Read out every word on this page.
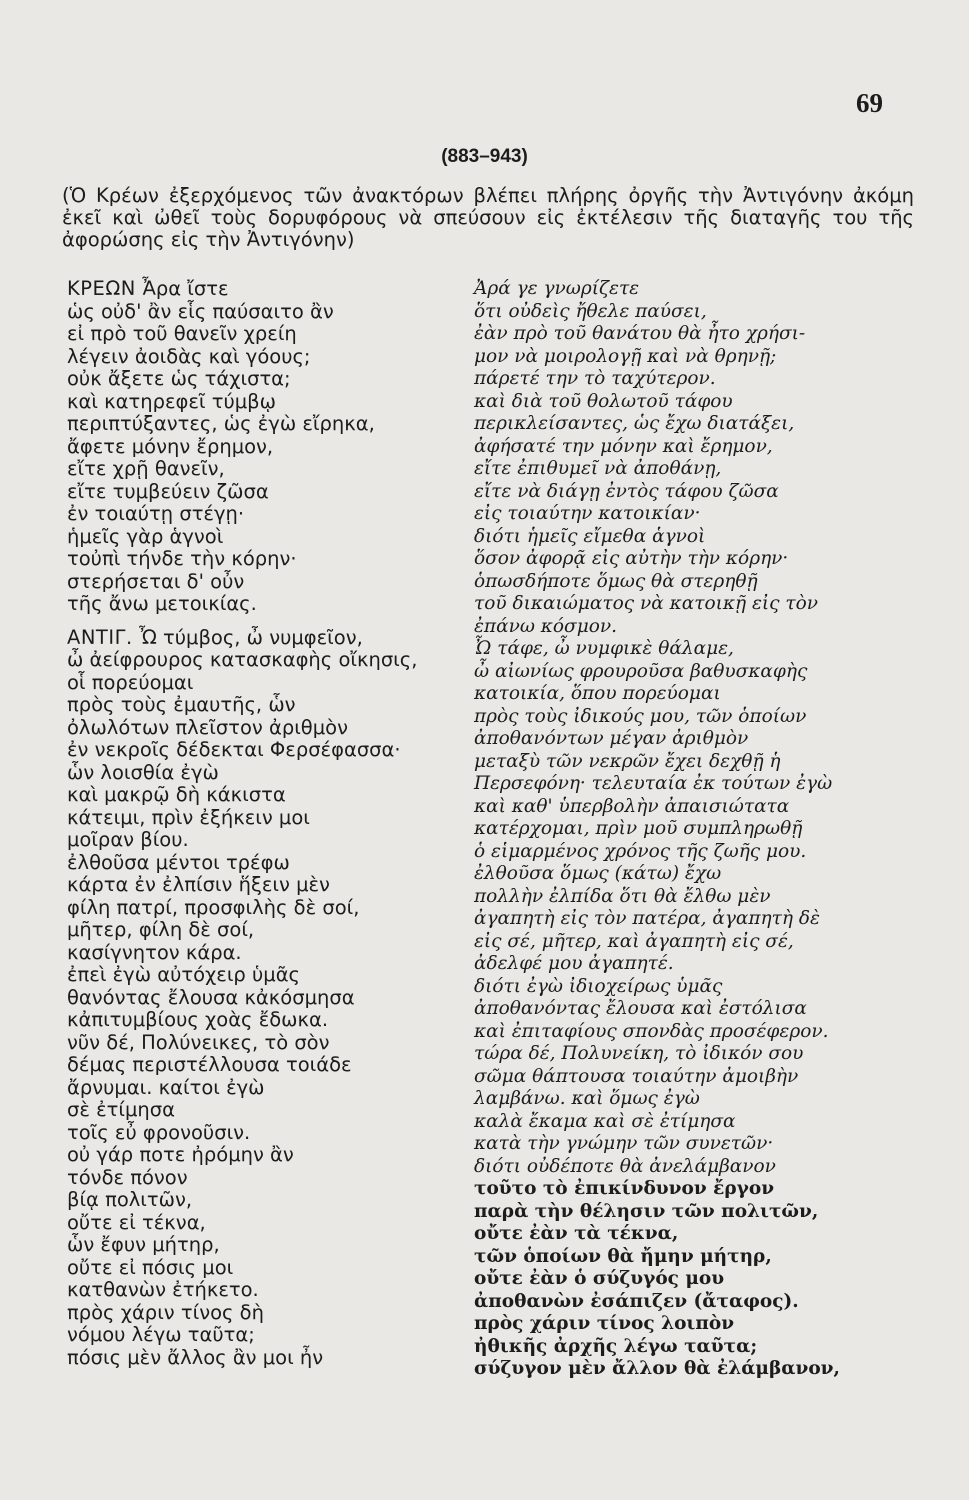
69
(883–943)
(Ὁ Κρέων ἐξερχόμενος τῶν ἀνακτόρων βλέπει πλήρης ὀργῆς τὴν Ἀντιγόνην ἀκόμη ἐκεῖ καὶ ὠθεῖ τοὺς δορυφόρους νὰ σπεύσουν εἰς ἐκτέλεσιν τῆς διαταγῆς του τῆς ἀφορώσης εἰς τὴν Ἀντιγόνην)
ΚΡΕΩΝ Ἆρα ἴστε
ὡς οὐδ' ἂν εἷς παύσαιτο ἂν
εἰ πρὸ τοῦ θανεῖν χρείη
λέγειν ἀοιδὰς καὶ γόους;
οὐκ ἄξετε ὡς τάχιστα;
καὶ κατηρεφεῖ τύμβῳ
περιπτύξαντες, ὡς ἐγὼ εἴρηκα,
ἄφετε μόνην ἔρημον,
εἴτε χρῇ θανεῖν,
εἴτε τυμβεύειν ζῶσα
ἐν τοιαύτῃ στέγῃ·
ἡμεῖς γὰρ ἁγνοὶ
τοὐπὶ τήνδε τὴν κόρην·
στερήσεται δ' οὖν
τῆς ἄνω μετοικίας.
ΑΝΤΙΓ. Ὦ τύμβος, ὦ νυμφεῖον,
ὦ ἀείφρουρος κατασκαφὴς οἴκησις,
οἷ πορεύομαι
πρὸς τοὺς ἐμαυτῆς, ὧν
ὀλωλότων πλεῖστον ἀριθμὸν
ἐν νεκροῖς δέδεκται Φερσέφασσα·
ὧν λοισθία ἐγὼ
καὶ μακρῷ δὴ κάκιστα
κάτειμι, πρὶν ἐξήκειν μοι
μοῖραν βίου.
ἐλθοῦσα μέντοι τρέφω
κάρτα ἐν ἐλπίσιν ἥξειν μὲν
φίλη πατρί, προσφιλὴς δὲ σοί,
μῆτερ, φίλη δὲ σοί,
κασίγνητον κάρα.
ἐπεὶ ἐγὼ αὐτόχειρ ὑμᾶς
θανόντας ἔλουσα κἀκόσμησα
κἀπιτυμβίους χοὰς ἔδωκα.
νῦν δέ, Πολύνεικες, τὸ σὸν
δέμας περιστέλλουσα τοιάδε
ἄρνυμαι. καίτοι ἐγὼ
σὲ ἐτίμησα
τοῖς εὖ φρονοῦσιν.
οὐ γάρ ποτε ἠρόμην ἂν
τόνδε πόνον
βίᾳ πολιτῶν,
οὔτε εἰ τέκνα,
ὧν ἔφυν μήτηρ,
οὔτε εἰ πόσις μοι
κατθανὼν ἐτήκετο.
πρὸς χάριν τίνος δὴ
νόμου λέγω ταῦτα;
πόσις μὲν ἄλλος ἂν μοι ἦν
Ἀρά γε γνωρίζετε
ὅτι οὐδεὶς ἤθελε παύσει,
ἐὰν πρὸ τοῦ θανάτου θὰ ἦτο χρήσι-
μον νὰ μοιρολογῇ καὶ νὰ θρηνῇ;
πάρετέ την τὸ ταχύτερον.
καὶ διὰ τοῦ θολωτοῦ τάφου
περικλείσαντες, ὡς ἔχω διατάξει,
ἀφήσατέ την μόνην καὶ ἔρημον,
εἴτε ἐπιθυμεῖ νὰ ἀποθάνῃ,
εἴτε νὰ διάγῃ ἐντὸς τάφου ζῶσα
εἰς τοιαύτην κατοικίαν·
διότι ἡμεῖς εἴμεθα ἁγνοὶ
ὅσον ἀφορᾷ εἰς αὐτὴν τὴν κόρην·
ὁπωσδήποτε ὅμως θὰ στερηθῇ
τοῦ δικαιώματος νὰ κατοικῇ εἰς τὸν
ἐπάνω κόσμον.
Ὦ τάφε, ὦ νυμφικὲ θάλαμε,
ὦ αἰωνίως φρουροῦσα βαθυσκαφὴς
κατοικία, ὅπου πορεύομαι
πρὸς τοὺς ἰδικούς μου, τῶν ὁποίων
ἀποθανόντων μέγαν ἀριθμὸν
μεταξὺ τῶν νεκρῶν ἔχει δεχθῇ ἡ
Περσεφόνη· τελευταία ἐκ τούτων ἐγὼ
καὶ καθ' ὑπερβολὴν ἀπαισιώτατα
κατέρχομαι, πρὶν μοῦ συμπληρωθῇ
ὁ εἱμαρμένος χρόνος τῆς ζωῆς μου.
ἐλθοῦσα ὅμως (κάτω) ἔχω
πολλὴν ἐλπίδα ὅτι θὰ ἔλθω μὲν
ἀγαπητὴ εἰς τὸν πατέρα, ἀγαπητὴ δὲ
εἰς σέ, μῆτερ, καὶ ἀγαπητὴ εἰς σέ,
ἀδελφέ μου ἀγαπητέ.
διότι ἐγὼ ἰδιοχείρως ὑμᾶς
ἀποθανόντας ἔλουσα καὶ ἐστόλισα
καὶ ἐπιταφίους σπονδὰς προσέφερον.
τώρα δέ, Πολυνείκη, τὸ ἰδικόν σου
σῶμα θάπτουσα τοιαύτην ἀμοιβὴν
λαμβάνω. καὶ ὅμως ἐγὼ
καλὰ ἔκαμα καὶ σὲ ἐτίμησα
κατὰ τὴν γνώμην τῶν συνετῶν·
διότι οὐδέποτε θὰ ἀνελάμβανον
τοῦτο τὸ ἐπικίνδυνον ἔργον
παρὰ τὴν θέλησιν τῶν πολιτῶν,
οὔτε ἐὰν τὰ τέκνα,
τῶν ὁποίων θὰ ἤμην μήτηρ,
οὔτε ἐὰν ὁ σύζυγός μου
ἀποθανὼν ἐσάπιζεν (ἄταφος).
πρὸς χάριν τίνος λοιπὸν
ἠθικῆς ἀρχῆς λέγω ταῦτα;
σύζυγον μὲν ἄλλον θὰ ἐλάμβανον,
